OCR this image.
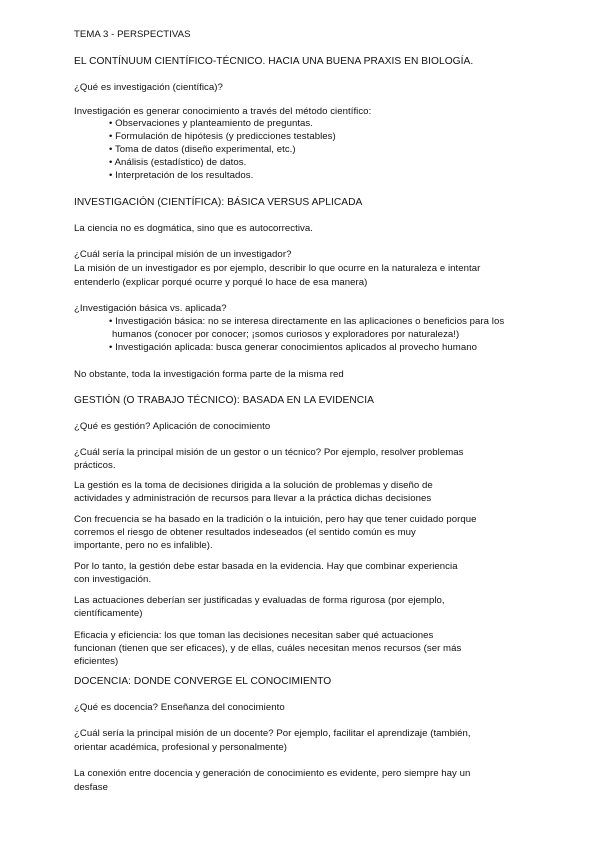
TEMA 3 - PERSPECTIVAS
EL CONTÍNUUM CIENTÍFICO-TÉCNICO. HACIA UNA BUENA PRAXIS EN BIOLOGÍA.
¿Qué es investigación (científica)?
Investigación es generar conocimiento a través del método científico:
• Observaciones y planteamiento de preguntas.
• Formulación de hipótesis (y predicciones testables)
• Toma de datos (diseño experimental, etc.)
• Análisis (estadístico) de datos.
• Interpretación de los resultados.
INVESTIGACIÓN (CIENTÍFICA): BÁSICA VERSUS APLICADA
La ciencia no es dogmática, sino que es autocorrectiva.
¿Cuál sería la principal misión de un investigador?
La misión de un investigador es por ejemplo, describir lo que ocurre en la naturaleza e intentar
entenderlo (explicar porqué ocurre y porqué lo hace de esa manera)
¿Investigación básica vs. aplicada?
• Investigación básica: no se interesa directamente en las aplicaciones o beneficios para los
humanos (conocer por conocer; ¡somos curiosos y exploradores por naturaleza!)
• Investigación aplicada: busca generar conocimientos aplicados al provecho humano
No obstante, toda la investigación forma parte de la misma red
GESTIÓN (O TRABAJO TÉCNICO): BASADA EN LA EVIDENCIA
¿Qué es gestión? Aplicación de conocimiento
¿Cuál sería la principal misión de un gestor o un técnico? Por ejemplo, resolver problemas
prácticos.
La gestión es la toma de decisiones dirigida a la solución de problemas y diseño de
actividades y administración de recursos para llevar a la práctica dichas decisiones
Con frecuencia se ha basado en la tradición o la intuición, pero hay que tener cuidado porque
corremos el riesgo de obtener resultados indeseados (el sentido común es muy
importante, pero no es infalible).
Por lo tanto, la gestión debe estar basada en la evidencia. Hay que combinar experiencia
con investigación.
Las actuaciones deberían ser justificadas y evaluadas de forma rigurosa (por ejemplo,
científicamente)
Eficacia y eficiencia: los que toman las decisiones necesitan saber qué actuaciones
funcionan (tienen que ser eficaces), y de ellas, cuáles necesitan menos recursos (ser más
eficientes)
DOCENCIA: DONDE CONVERGE EL CONOCIMIENTO
¿Qué es docencia? Enseñanza del conocimiento
¿Cuál sería la principal misión de un docente? Por ejemplo, facilitar el aprendizaje (también,
orientar académica, profesional y personalmente)
La conexión entre docencia y generación de conocimiento es evidente, pero siempre hay un
desfase
